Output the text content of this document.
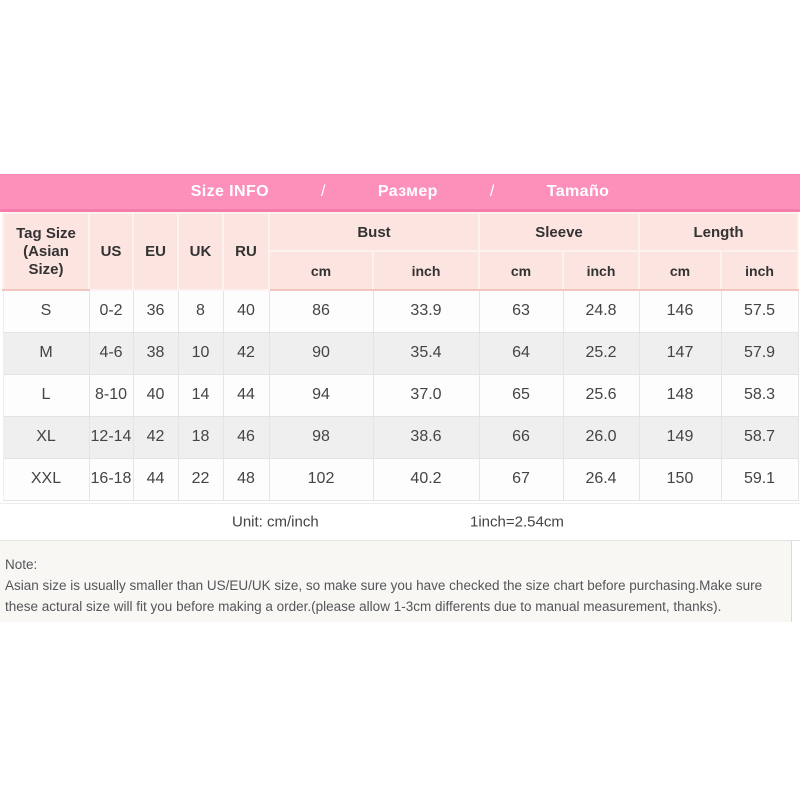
Size INFO	/	Размер	/	Tamaño
Tag Size
(Asian Size)	US	EU	UK	RU	Bust		Sleeve		Length	
					cm	inch	cm	inch	cm	inch
S	0-2	36	8	40	86	33.9	63	24.8	146	57.5
M	4-6	38	10	42	90	35.4	64	25.2	147	57.9
L	8-10	40	14	44	94	37.0	65	25.6	148	58.3
XL	12-14	42	18	46	98	38.6	66	26.0	149	58.7
XXL	16-18	44	22	48	102	40.2	67	26.4	150	59.1
Unit: cm/inch	1inch=2.54cm
Note:
Asian size is usually smaller than US/EU/UK size, so make sure you have checked the size chart before purchasing.Make sure these actural size will fit you before making a order.(please allow 1-3cm differents due to manual measurement, thanks).
